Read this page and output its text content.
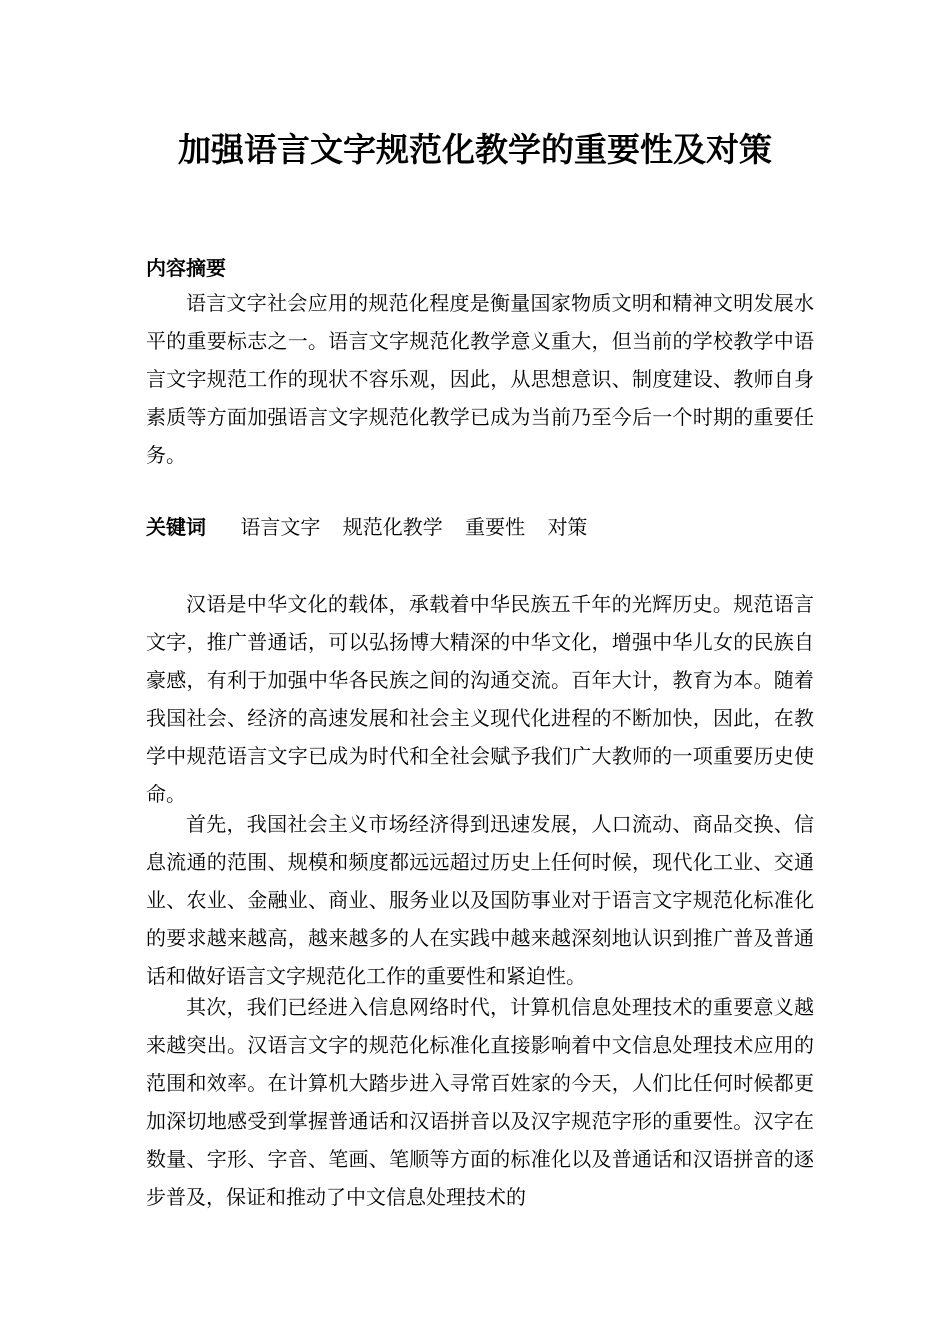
加强语言文字规范化教学的重要性及对策
内容摘要

语言文字社会应用的规范化程度是衡量国家物质文明和精神文明发展水平的重要标志之一。语言文字规范化教学意义重大，但当前的学校教学中语言文字规范工作的现状不容乐观，因此，从思想意识、制度建设、教师自身素质等方面加强语言文字规范化教学已成为当前乃至今后一个时期的重要任务。

关键词 语言文字 规范化教学 重要性 对策

汉语是中华文化的载体，承载着中华民族五千年的光辉历史。规范语言文字，推广普通话，可以弘扬博大精深的中华文化，增强中华儿女的民族自豪感，有利于加强中华各民族之间的沟通交流。百年大计，教育为本。随着我国社会、经济的高速发展和社会主义现代化进程的不断加快，因此，在教学中规范语言文字已成为时代和全社会赋予我们广大教师的一项重要历史使命。

首先，我国社会主义市场经济得到迅速发展，人口流动、商品交换、信息流通的范围、规模和频度都远远超过历史上任何时候，现代化工业、交通业、农业、金融业、商业、服务业以及国防事业对于语言文字规范化标准化的要求越来越高，越来越多的人在实践中越来越深刻地认识到推广普及普通话和做好语言文字规范化工作的重要性和紧迫性。

其次，我们已经进入信息网络时代，计算机信息处理技术的重要意义越来越突出。汉语言文字的规范化标准化直接影响着中文信息处理技术应用的范围和效率。在计算机大踏步进入寻常百姓家的今天，人们比任何时候都更加深切地感受到掌握普通话和汉语拼音以及汉字规范字形的重要性。汉字在数量、字形、字音、笔画、笔顺等方面的标准化以及普通话和汉语拼音的逐步普及，保证和推动了中文信息处理技术的
